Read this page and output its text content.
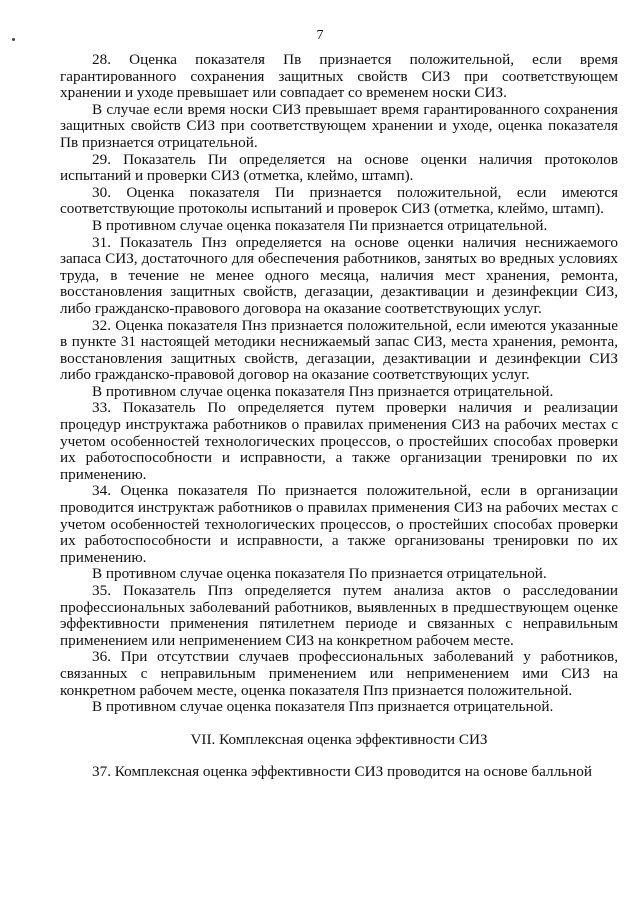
7

28. Оценка показателя Пв признается положительной, если время гарантированного сохранения защитных свойств СИЗ при соответствующем хранении и уходе превышает или совпадает со временем носки СИЗ.

В случае если время носки СИЗ превышает время гарантированного сохранения защитных свойств СИЗ при соответствующем хранении и уходе, оценка показателя Пв признается отрицательной.

29. Показатель Пи определяется на основе оценки наличия протоколов испытаний и проверки СИЗ (отметка, клеймо, штамп).

30. Оценка показателя Пи признается положительной, если имеются соответствующие протоколы испытаний и проверок СИЗ (отметка, клеймо, штамп).

В противном случае оценка показателя Пи признается отрицательной.

31. Показатель Пнз определяется на основе оценки наличия неснижаемого запаса СИЗ, достаточного для обеспечения работников, занятых во вредных условиях труда, в течение не менее одного месяца, наличия мест хранения, ремонта, восстановления защитных свойств, дегазации, дезактивации и дезинфекции СИЗ, либо гражданско-правового договора на оказание соответствующих услуг.

32. Оценка показателя Пнз признается положительной, если имеются указанные в пункте 31 настоящей методики неснижаемый запас СИЗ, места хранения, ремонта, восстановления защитных свойств, дегазации, дезактивации и дезинфекции СИЗ либо гражданско-правовой договор на оказание соответствующих услуг.

В противном случае оценка показателя Пнз признается отрицательной.

33. Показатель По определяется путем проверки наличия и реализации процедур инструктажа работников о правилах применения СИЗ на рабочих местах с учетом особенностей технологических процессов, о простейших способах проверки их работоспособности и исправности, а также организации тренировки по их применению.

34. Оценка показателя По признается положительной, если в организации проводится инструктаж работников о правилах применения СИЗ на рабочих местах с учетом особенностей технологических процессов, о простейших способах проверки их работоспособности и исправности, а также организованы тренировки по их применению.

В противном случае оценка показателя По признается отрицательной.

35. Показатель Ппз определяется путем анализа актов о расследовании профессиональных заболеваний работников, выявленных в предшествующем оценке эффективности применения пятилетнем периоде и связанных с неправильным применением или неприменением СИЗ на конкретном рабочем месте.

36. При отсутствии случаев профессиональных заболеваний у работников, связанных с неправильным применением или неприменением ими СИЗ на конкретном рабочем месте, оценка показателя Ппз признается положительной.

В противном случае оценка показателя Ппз признается отрицательной.

VII. Комплексная оценка эффективности СИЗ

37. Комплексная оценка эффективности СИЗ проводится на основе балльной
